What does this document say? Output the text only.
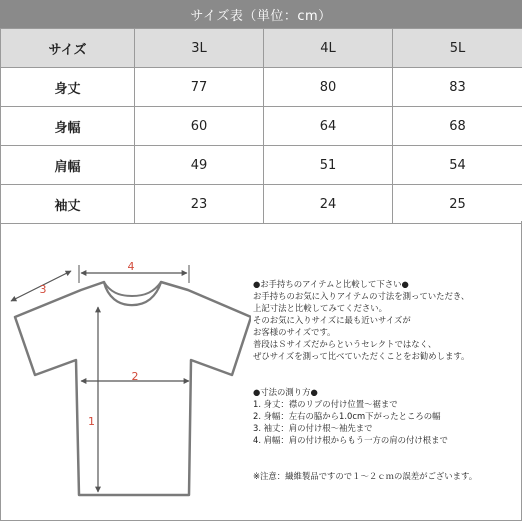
サイズ表（単位：cm）
サイズ	3L	4L	5L
身丈	77	80	83
身幅	60	64	68
肩幅	49	51	54
袖丈	23	24	25
4
3
2
1
●お手持ちのアイテムと比較して下さい●
お手持ちのお気に入りアイテムの寸法を測っていただき、
上記寸法と比較してみてください。
そのお気に入りサイズに最も近いサイズが
お客様のサイズです。
普段はＳサイズだからというセレクトではなく、
ぜひサイズを測って比べていただくことをお勧めします。
●寸法の測り方●
1. 身丈：襟のリブの付け位置～裾まで
2. 身幅：左右の脇から1.0cm下がったところの幅
3. 袖丈：肩の付け根～袖先まで
4. 肩幅：肩の付け根からもう一方の肩の付け根まで
※注意：繊維製品ですので１～２ｃｍの誤差がございます。
